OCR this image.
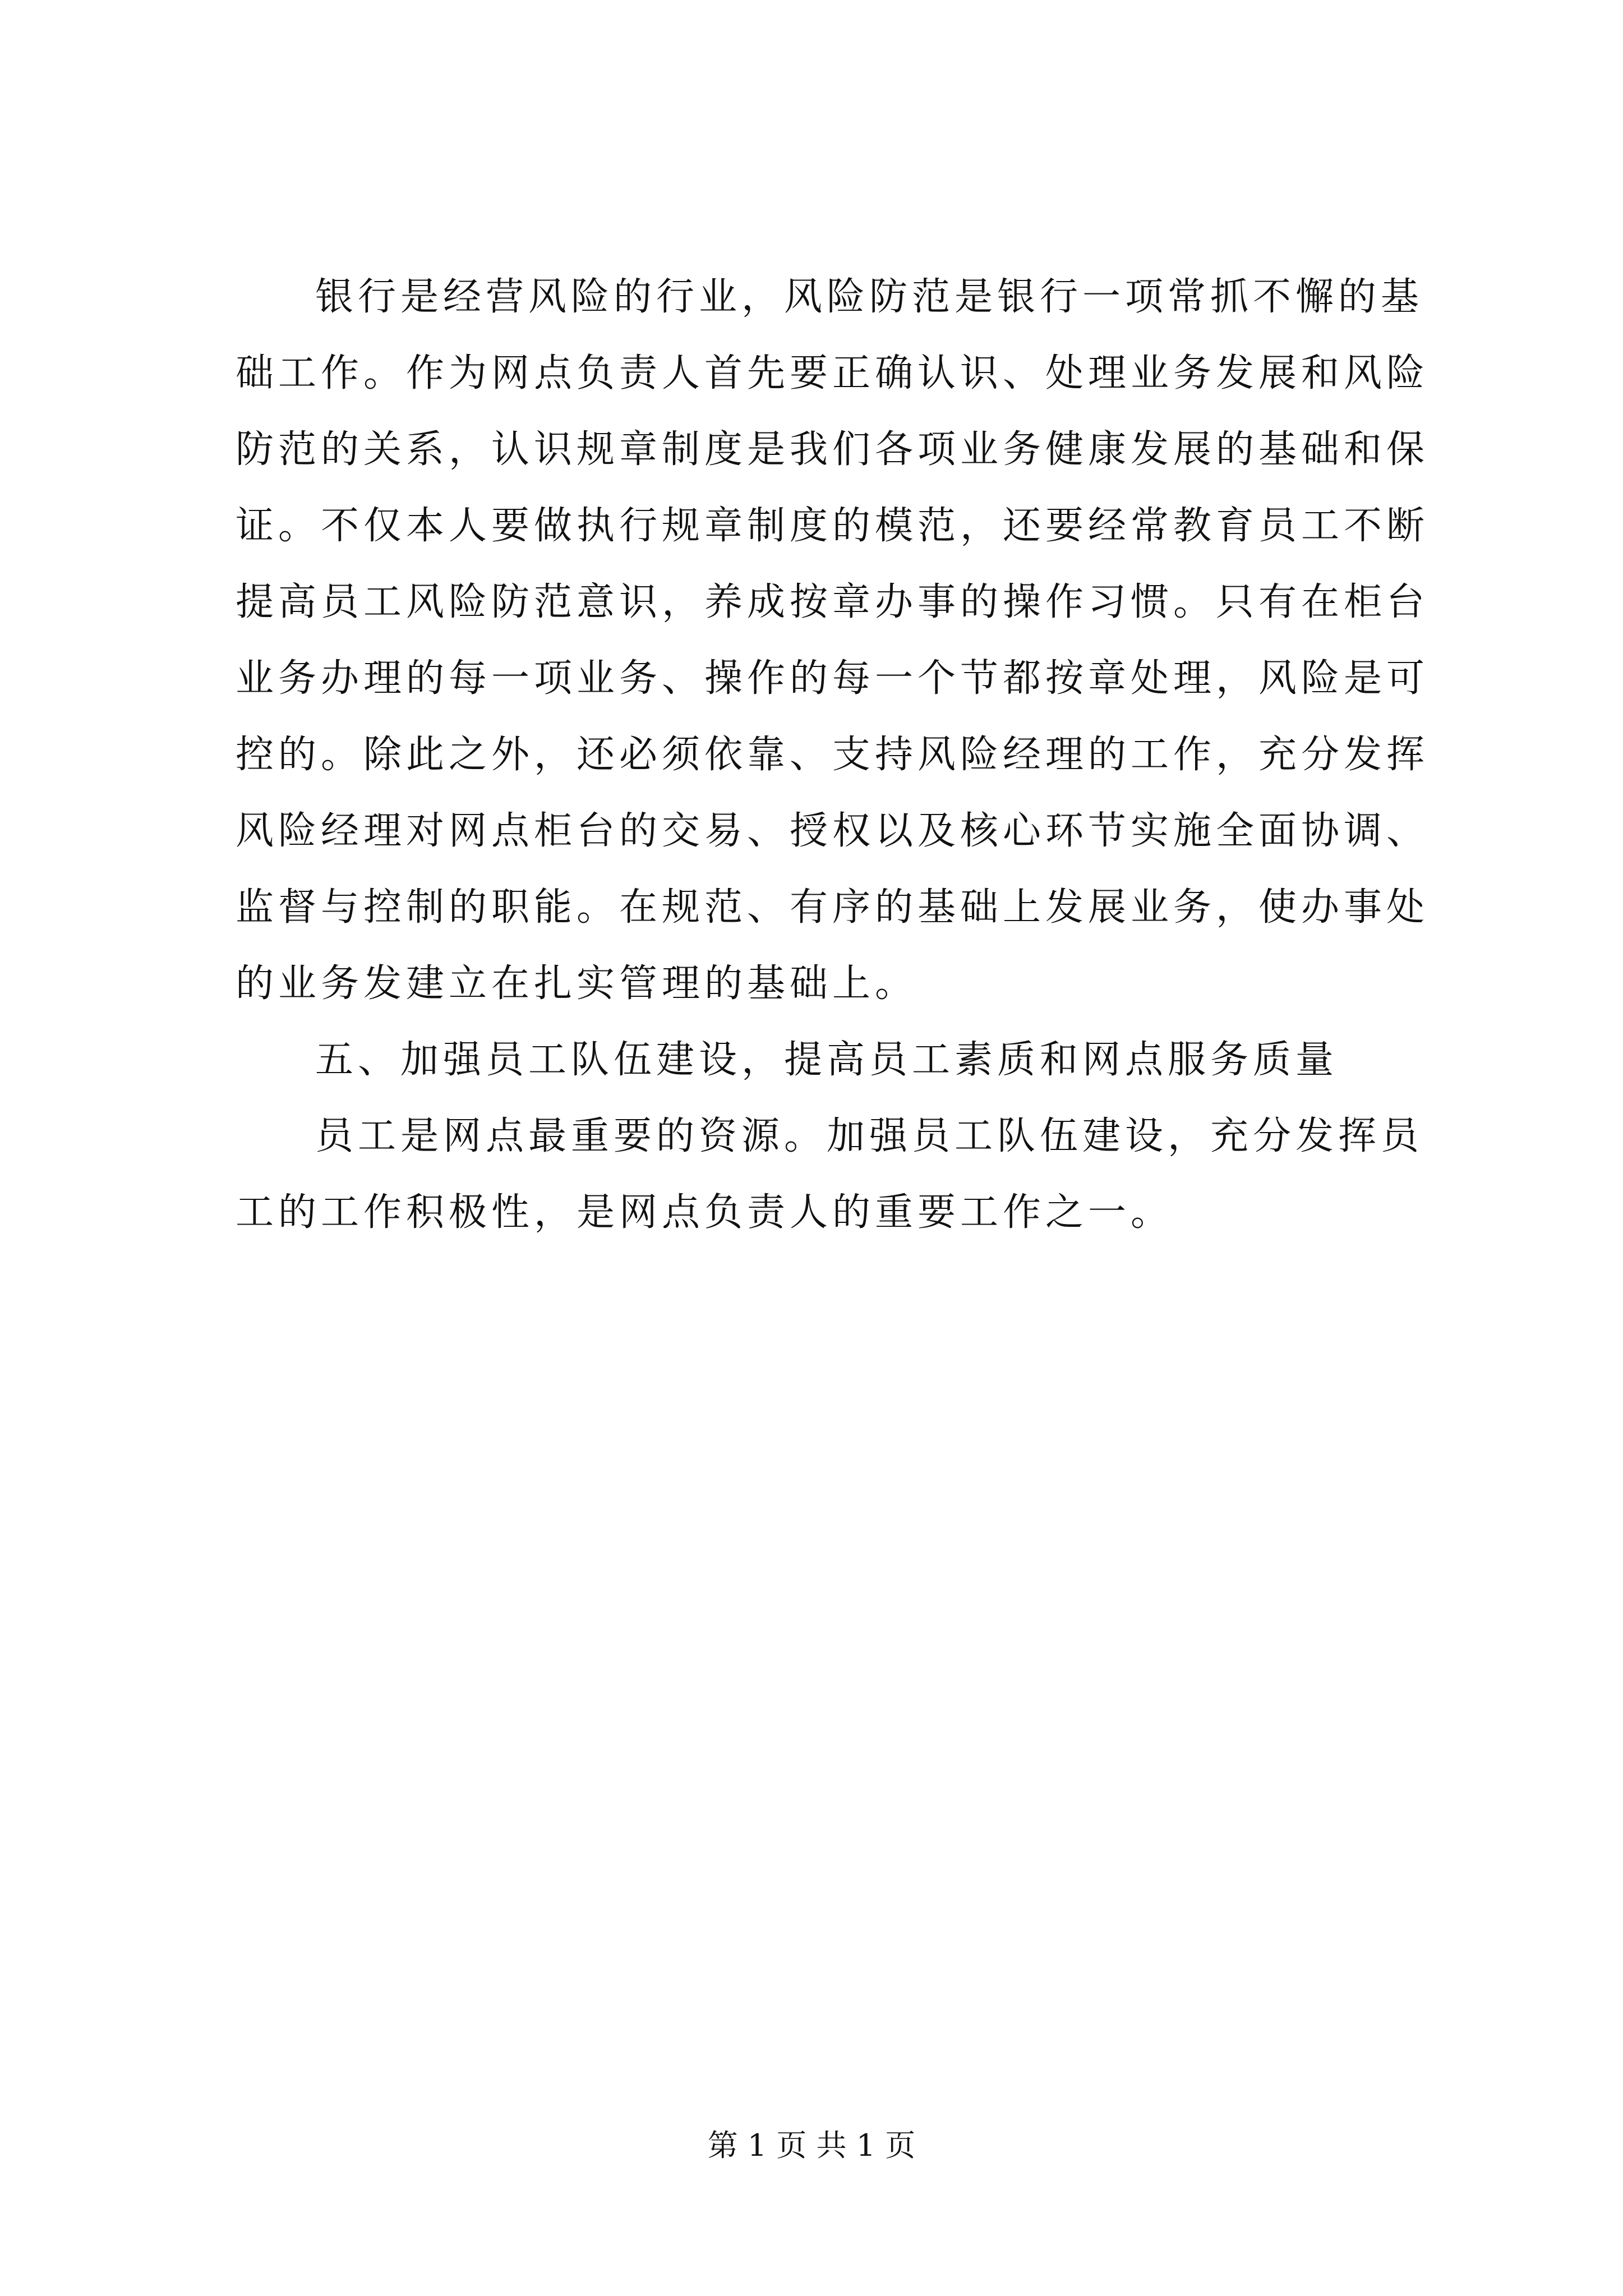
银行是经营风险的行业，风险防范是银行一项常抓不懈的基
础工作。作为网点负责人首先要正确认识、处理业务发展和风险
防范的关系，认识规章制度是我们各项业务健康发展的基础和保
证。不仅本人要做执行规章制度的模范，还要经常教育员工不断
提高员工风险防范意识，养成按章办事的操作习惯。只有在柜台
业务办理的每一项业务、操作的每一个节都按章处理，风险是可
控的。除此之外，还必须依靠、支持风险经理的工作，充分发挥
风险经理对网点柜台的交易、授权以及核心环节实施全面协调、
监督与控制的职能。在规范、有序的基础上发展业务，使办事处
的业务发建立在扎实管理的基础上。
五、加强员工队伍建设，提高员工素质和网点服务质量
员工是网点最重要的资源。加强员工队伍建设，充分发挥员
工的工作积极性，是网点负责人的重要工作之一。
第 1 页 共 1 页
